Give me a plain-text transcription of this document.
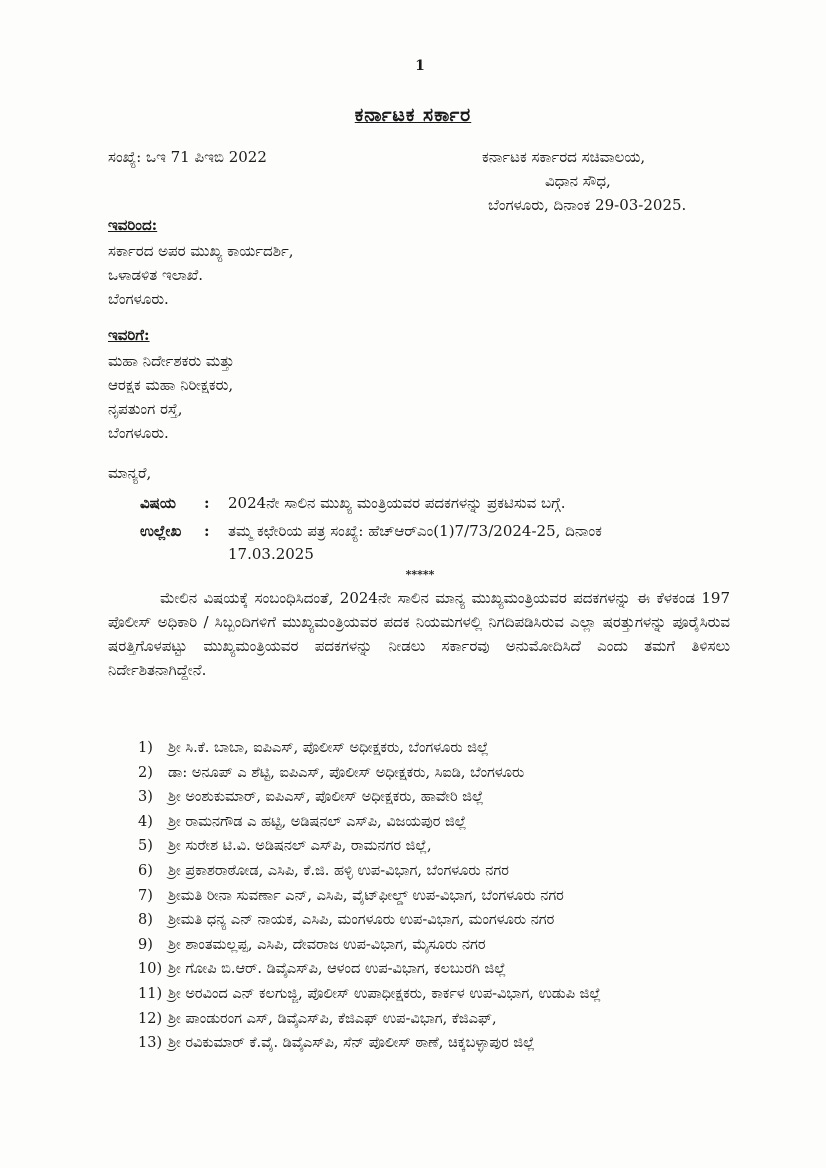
1
ಕರ್ನಾಟಕ ಸರ್ಕಾರ
ಸಂಖ್ಯೆ: ಒಇ 71 ಪಿಇಬಿ 2022	ಕರ್ನಾಟಕ ಸರ್ಕಾರದ ಸಚಿವಾಲಯ,
ವಿಧಾನ ಸೌಧ,
ಬೆಂಗಳೂರು, ದಿನಾಂಕ 29-03-2025.
ಇವರಿಂದ:
ಸರ್ಕಾರದ ಅಪರ ಮುಖ್ಯ ಕಾರ್ಯದರ್ಶಿ,
ಒಳಾಡಳಿತ ಇಲಾಖೆ.
ಬೆಂಗಳೂರು.
ಇವರಿಗೆ:
ಮಹಾ ನಿರ್ದೇಶಕರು ಮತ್ತು
ಆರಕ್ಷಕ ಮಹಾ ನಿರೀಕ್ಷಕರು,
ನೃಪತುಂಗ ರಸ್ತೆ,
ಬೆಂಗಳೂರು.
ಮಾನ್ಯರೆ,
ವಿಷಯ : 2024ನೇ ಸಾಲಿನ ಮುಖ್ಯ ಮಂತ್ರಿಯವರ ಪದಕಗಳನ್ನು ಪ್ರಕಟಿಸುವ ಬಗ್ಗೆ.
ಉಲ್ಲೇಖ : ತಮ್ಮ ಕಛೇರಿಯ ಪತ್ರ ಸಂಖ್ಯೆ: ಹೆಚ್‌ಆರ್‌ಎಂ(1)7/73/2024-25, ದಿನಾಂಕ
17.03.2025
*****
ಮೇಲಿನ ವಿಷಯಕ್ಕೆ ಸಂಬಂಧಿಸಿದಂತೆ, 2024ನೇ ಸಾಲಿನ ಮಾನ್ಯ ಮುಖ್ಯಮಂತ್ರಿಯವರ ಪದಕಗಳನ್ನು ಈ ಕೆಳಕಂಡ 197 ಪೊಲೀಸ್ ಅಧಿಕಾರಿ / ಸಿಬ್ಬಂದಿಗಳಿಗೆ ಮುಖ್ಯಮಂತ್ರಿಯವರ ಪದಕ ನಿಯಮಗಳಲ್ಲಿ ನಿಗದಿಪಡಿಸಿರುವ ಎಲ್ಲಾ ಷರತ್ತುಗಳನ್ನು ಪೂರೈಸಿರುವ ಷರತ್ತಿಗೊಳಪಟ್ಟು ಮುಖ್ಯಮಂತ್ರಿಯವರ ಪದಕಗಳನ್ನು ನೀಡಲು ಸರ್ಕಾರವು ಅನುಮೋದಿಸಿದೆ ಎಂದು ತಮಗೆ ತಿಳಿಸಲು ನಿರ್ದೇಶಿತನಾಗಿದ್ದೇನೆ.
1)	ಶ್ರೀ ಸಿ.ಕೆ. ಬಾಬಾ, ಐಪಿಎಸ್, ಪೊಲೀಸ್ ಅಧೀಕ್ಷಕರು, ಬೆಂಗಳೂರು ಜಿಲ್ಲೆ
2)	ಡಾ: ಅನೂಪ್ ಎ ಶೆಟ್ಟಿ, ಐಪಿಎಸ್, ಪೊಲೀಸ್ ಅಧೀಕ್ಷಕರು, ಸಿಐಡಿ, ಬೆಂಗಳೂರು
3)	ಶ್ರೀ ಅಂಶುಕುಮಾರ್, ಐಪಿಎಸ್, ಪೊಲೀಸ್ ಅಧೀಕ್ಷಕರು, ಹಾವೇರಿ ಜಿಲ್ಲೆ
4)	ಶ್ರೀ ರಾಮನಗೌಡ ಎ ಹಟ್ಟಿ, ಅಡಿಷನಲ್ ಎಸ್‌ಪಿ, ವಿಜಯಪುರ ಜಿಲ್ಲೆ
5)	ಶ್ರೀ ಸುರೇಶ ಟಿ.ವಿ. ಅಡಿಷನಲ್ ಎಸ್‌ಪಿ, ರಾಮನಗರ ಜಿಲ್ಲೆ,
6)	ಶ್ರೀ ಪ್ರಕಾಶರಾಠೋಡ, ಎಸಿಪಿ, ಕೆ.ಜಿ. ಹಳ್ಳಿ ಉಪ-ವಿಭಾಗ, ಬೆಂಗಳೂರು ನಗರ
7)	ಶ್ರೀಮತಿ ರೀನಾ ಸುವರ್ಣಾ ಎನ್, ಎಸಿಪಿ, ವೈಟ್‌ಫೀಲ್ಡ್ ಉಪ-ವಿಭಾಗ, ಬೆಂಗಳೂರು ನಗರ
8)	ಶ್ರೀಮತಿ ಧನ್ಯ ಎನ್ ನಾಯಕ, ಎಸಿಪಿ, ಮಂಗಳೂರು ಉಪ-ವಿಭಾಗ, ಮಂಗಳೂರು ನಗರ
9)	ಶ್ರೀ ಶಾಂತಮಲ್ಲಪ್ಪ, ಎಸಿಪಿ, ದೇವರಾಜ ಉಪ-ವಿಭಾಗ, ಮೈಸೂರು ನಗರ
10) ಶ್ರೀ ಗೋಪಿ ಬಿ.ಆರ್. ಡಿವೈಎಸ್‌ಪಿ, ಆಳಂದ ಉಪ-ವಿಭಾಗ, ಕಲಬುರಗಿ ಜಿಲ್ಲೆ
11) ಶ್ರೀ ಅರವಿಂದ ಎನ್ ಕಲಗುಜ್ಜಿ, ಪೊಲೀಸ್ ಉಪಾಧೀಕ್ಷಕರು, ಕಾರ್ಕಳ ಉಪ-ವಿಭಾಗ, ಉಡುಪಿ ಜಿಲ್ಲೆ
12) ಶ್ರೀ ಪಾಂಡುರಂಗ ಎಸ್, ಡಿವೈಎಸ್‌ಪಿ, ಕೆಜಿಎಫ್ ಉಪ-ವಿಭಾಗ, ಕೆಜಿಎಫ್,
13) ಶ್ರೀ ರವಿಕುಮಾರ್ ಕೆ.ವೈ. ಡಿವೈಎಸ್‌ಪಿ, ಸೆನ್ ಪೊಲೀಸ್ ಠಾಣೆ, ಚಿಕ್ಕಬಳ್ಳಾಪುರ ಜಿಲ್ಲೆ
